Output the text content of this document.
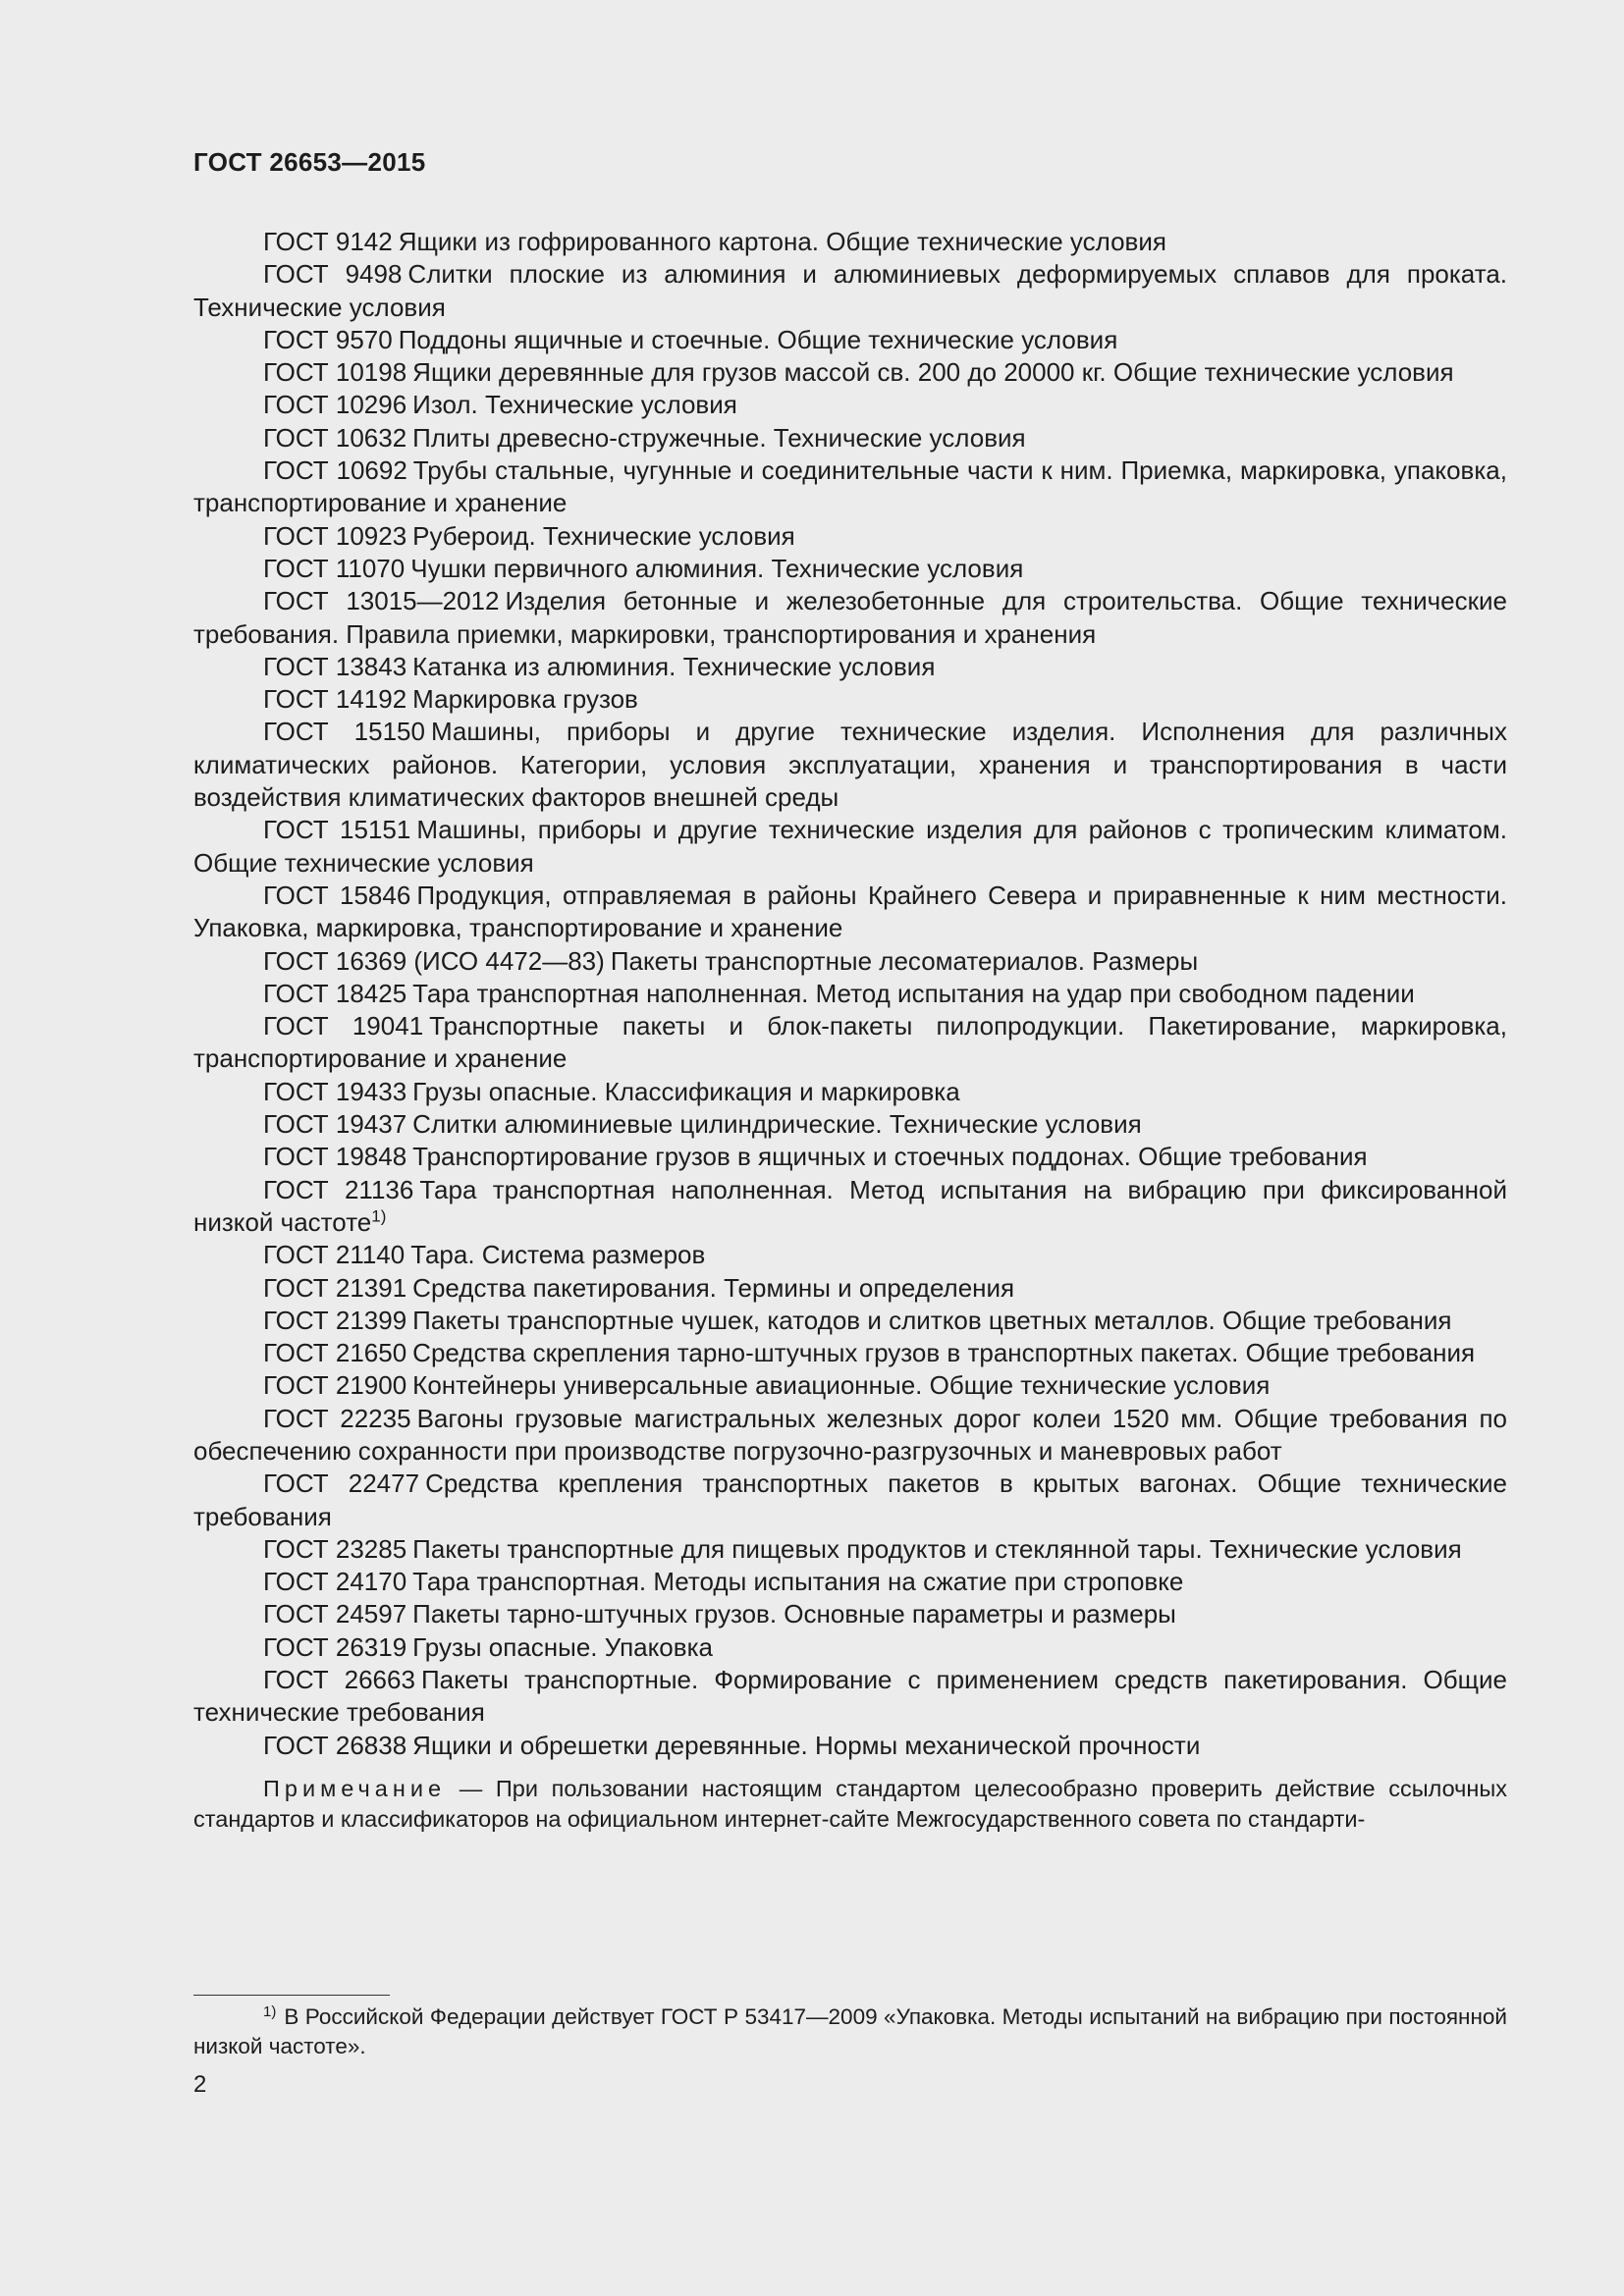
ГОСТ 26653—2015

ГОСТ 9142 Ящики из гофрированного картона. Общие технические условия

ГОСТ 9498 Слитки плоские из алюминия и алюминиевых деформируемых сплавов для проката. Технические условия

ГОСТ 9570 Поддоны ящичные и стоечные. Общие технические условия

ГОСТ 10198 Ящики деревянные для грузов массой св. 200 до 20000 кг. Общие технические условия

ГОСТ 10296 Изол. Технические условия

ГОСТ 10632 Плиты древесно-стружечные. Технические условия

ГОСТ 10692 Трубы стальные, чугунные и соединительные части к ним. Приемка, маркировка, упаковка, транспортирование и хранение

ГОСТ 10923 Рубероид. Технические условия

ГОСТ 11070 Чушки первичного алюминия. Технические условия

ГОСТ 13015—2012 Изделия бетонные и железобетонные для строительства. Общие технические требования. Правила приемки, маркировки, транспортирования и хранения

ГОСТ 13843 Катанка из алюминия. Технические условия

ГОСТ 14192 Маркировка грузов

ГОСТ 15150 Машины, приборы и другие технические изделия. Исполнения для различных климатических районов. Категории, условия эксплуатации, хранения и транспортирования в части воздействия климатических факторов внешней среды

ГОСТ 15151 Машины, приборы и другие технические изделия для районов с тропическим климатом. Общие технические условия

ГОСТ 15846 Продукция, отправляемая в районы Крайнего Севера и приравненные к ним местности. Упаковка, маркировка, транспортирование и хранение

ГОСТ 16369 (ИСО 4472—83) Пакеты транспортные лесоматериалов. Размеры

ГОСТ 18425 Тара транспортная наполненная. Метод испытания на удар при свободном падении

ГОСТ 19041 Транспортные пакеты и блок-пакеты пилопродукции. Пакетирование, маркировка, транспортирование и хранение

ГОСТ 19433 Грузы опасные. Классификация и маркировка

ГОСТ 19437 Слитки алюминиевые цилиндрические. Технические условия

ГОСТ 19848 Транспортирование грузов в ящичных и стоечных поддонах. Общие требования

ГОСТ 21136 Тара транспортная наполненная. Метод испытания на вибрацию при фиксированной низкой частоте$^{1)}$

ГОСТ 21140 Тара. Система размеров

ГОСТ 21391 Средства пакетирования. Термины и определения

ГОСТ 21399 Пакеты транспортные чушек, катодов и слитков цветных металлов. Общие требования

ГОСТ 21650 Средства скрепления тарно-штучных грузов в транспортных пакетах. Общие требования

ГОСТ 21900 Контейнеры универсальные авиационные. Общие технические условия

ГОСТ 22235 Вагоны грузовые магистральных железных дорог колеи 1520 мм. Общие требования по обеспечению сохранности при производстве погрузочно-разгрузочных и маневровых работ

ГОСТ 22477 Средства крепления транспортных пакетов в крытых вагонах. Общие технические требования

ГОСТ 23285 Пакеты транспортные для пищевых продуктов и стеклянной тары. Технические условия

ГОСТ 24170 Тара транспортная. Методы испытания на сжатие при строповке

ГОСТ 24597 Пакеты тарно-штучных грузов. Основные параметры и размеры

ГОСТ 26319 Грузы опасные. Упаковка

ГОСТ 26663 Пакеты транспортные. Формирование с применением средств пакетирования. Общие технические требования

ГОСТ 26838 Ящики и обрешетки деревянные. Нормы механической прочности

Примечание — При пользовании настоящим стандартом целесообразно проверить действие ссылочных стандартов и классификаторов на официальном интернет-сайте Межгосударственного совета по стандарти-

$^{1)}$ В Российской Федерации действует ГОСТ Р 53417—2009 «Упаковка. Методы испытаний на вибрацию при постоянной низкой частоте».

2
